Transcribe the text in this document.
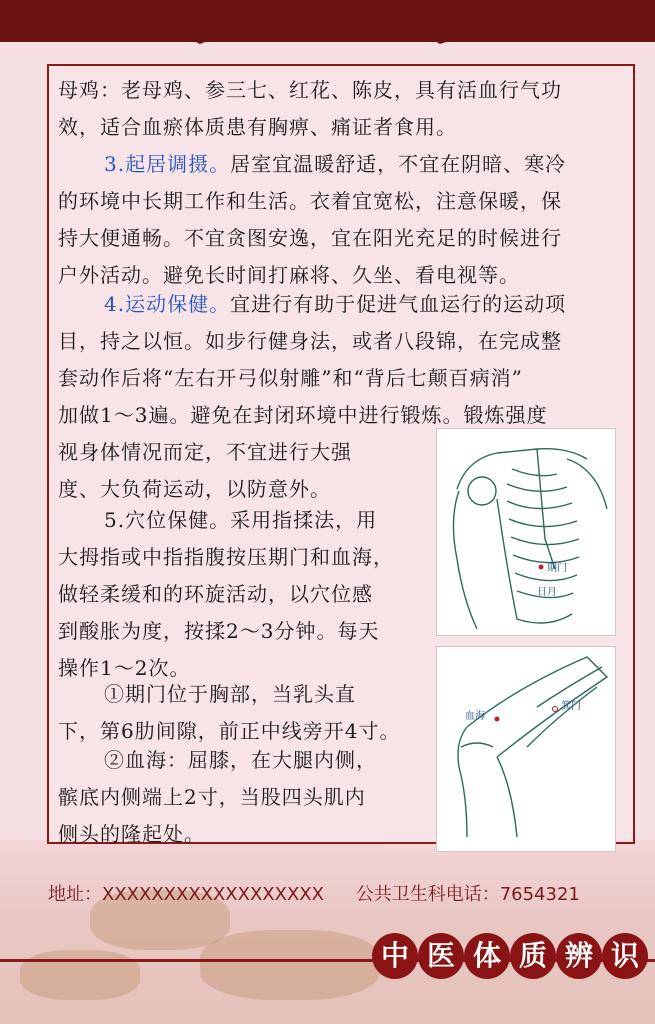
母鸡：老母鸡、参三七、红花、陈皮，具有活血行气功
效，适合血瘀体质患有胸痹、痛证者食用。
3.起居调摄。居室宜温暖舒适，不宜在阴暗、寒冷
的环境中长期工作和生活。衣着宜宽松，注意保暖，保
持大便通畅。不宜贪图安逸，宜在阳光充足的时候进行
户外活动。避免长时间打麻将、久坐、看电视等。
4.运动保健。宜进行有助于促进气血运行的运动项
目，持之以恒。如步行健身法，或者八段锦，在完成整
套动作后将“左右开弓似射雕”和“背后七颠百病消”
加做1～3遍。避免在封闭环境中进行锻炼。锻炼强度
视身体情况而定，不宜进行大强
度、大负荷运动，以防意外。
5.穴位保健。采用指揉法，用
大拇指或中指指腹按压期门和血海，
做轻柔缓和的环旋活动，以穴位感
到酸胀为度，按揉2～3分钟。每天
操作1～2次。
①期门位于胸部，当乳头直
下，第6肋间隙，前正中线旁开4寸。
②血海：屈膝，在大腿内侧，
髌底内侧端上2寸，当股四头肌内
侧头的隆起处。
期门
日月
血海
箕门
地址：XXXXXXXXXXXXXXXXXX 公共卫生科电话：7654321
中 医 体 质 辨 识
